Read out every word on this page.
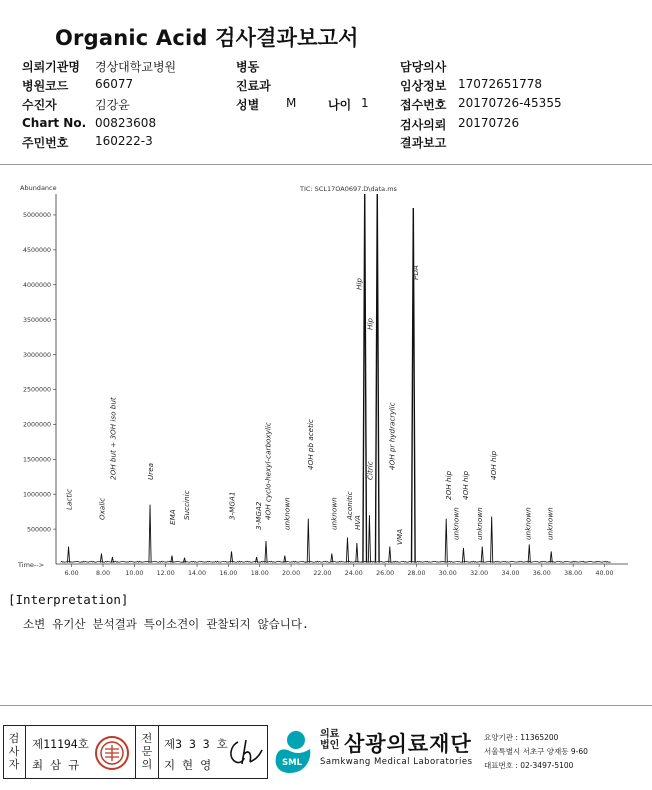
Organic Acid 검사결과보고서
의뢰기관명 경상대학교병원
병원코드 66077
수진자	김강윤
Chart No. 00823608
주민번호 160222-3
병동
진료과
성별 M	나이 1
담당의사
임상정보 17072651778
접수번호 20170726-45355
검사의뢰 20170726
결과보고
Abundance	TIC: SCL17OA0697.D\data.ms
Time-->
500000
1000000
1500000
2000000
2500000
3000000
3500000
4000000
4500000
5000000
6.00	8.00 10.00 12.00 14.00 16.00 18.00 20.00 22.00 24.00 26.00 28.00 30.00 32.00 34.00 36.00 38.00 40.00
Lactic	Oxalic
2OH but + 3OH iso but	Urea
EMA Succinic	3-MGA1 3-MGA2 4OH cyclo-hexyl-carboxylic unknown
4OH pb acetic
unknown Aconitic
HVA
Hip
Hip
Citric
4OH pr hydracrylic
VMA
PDA
2OH hip
unknown
4OH hip
unknown
4OH hip
unknown unknown
[Interpretation]
소변 유기산 분석결과 특이소견이 관찰되지 않습니다.
검사자
제11194호
최 삼 규
전문의
제3 3 3 호
지 현 영	SML
의료법인 삼광의료재단
Samkwang Medical Laboratories
요양기관 : 11365200
서울특별시 서초구 양재동 9-60
대표번호 : 02-3497-5100
